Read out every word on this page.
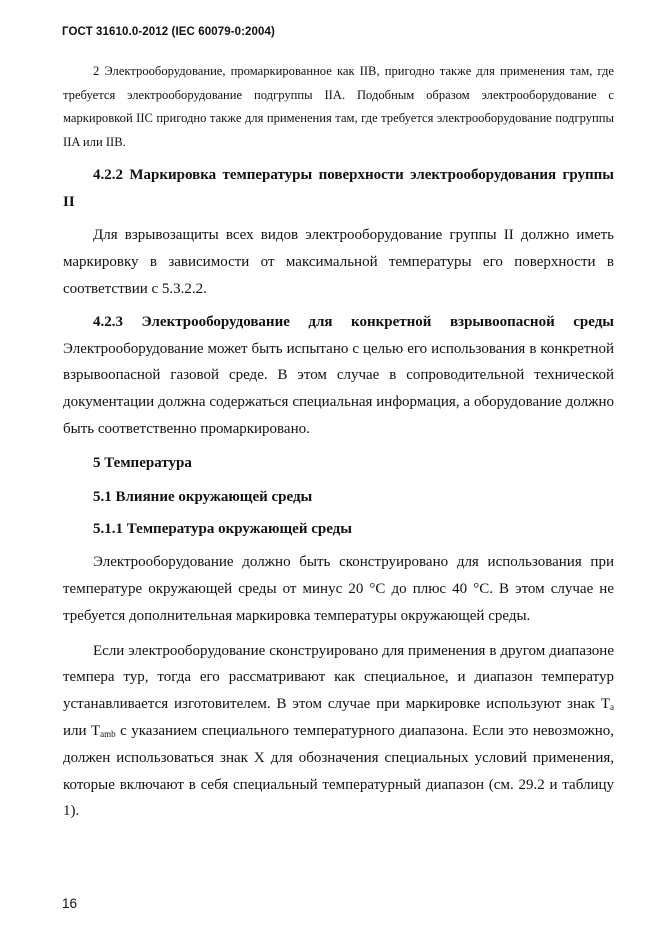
ГОСТ 31610.0-2012 (IEC 60079-0:2004)

2 Электрооборудование, промаркированное как IIB, пригодно также для применения там, где требуется электрооборудование подгруппы IIA. Подобным образом электрооборудование с маркировкой IIC пригодно также для применения там, где требуется электрооборудование подгруппы IIA или IIB.

4.2.2 Маркировка температуры поверхности электрооборудования группы II

Для взрывозащиты всех видов электрооборудование группы II должно иметь маркировку в зависимости от максимальной температуры его поверхности в соответствии с 5.3.2.2.

4.2.3 Электрооборудование для конкретной взрывоопасной среды

Электрооборудование может быть испытано с целью его использования в конкретной взрывоопасной газовой среде. В этом случае в сопроводительной технической документации должна содержаться специальная информация, а оборудование должно быть соответственно промаркировано.

5 Температура

5.1 Влияние окружающей среды

5.1.1 Температура окружающей среды

Электрооборудование должно быть сконструировано для использования при температуре окружающей среды от минус 20 °С до плюс 40 °С. В этом случае не требуется дополнительная маркировка температуры окружающей среды.

Если электрооборудование сконструировано для применения в другом диапазоне темпера тур, тогда его рассматривают как специальное, и диапазон температур устанавливается изготовителем. В этом случае при маркировке используют знак $Т_a$ или $Т_{amb}$ с указанием специального температурного диапазона. Если это невозможно, должен использоваться знак X для обозначения специальных условий применения, которые включают в себя специальный температурный диапазон (см. 29.2 и таблицу 1).

16
